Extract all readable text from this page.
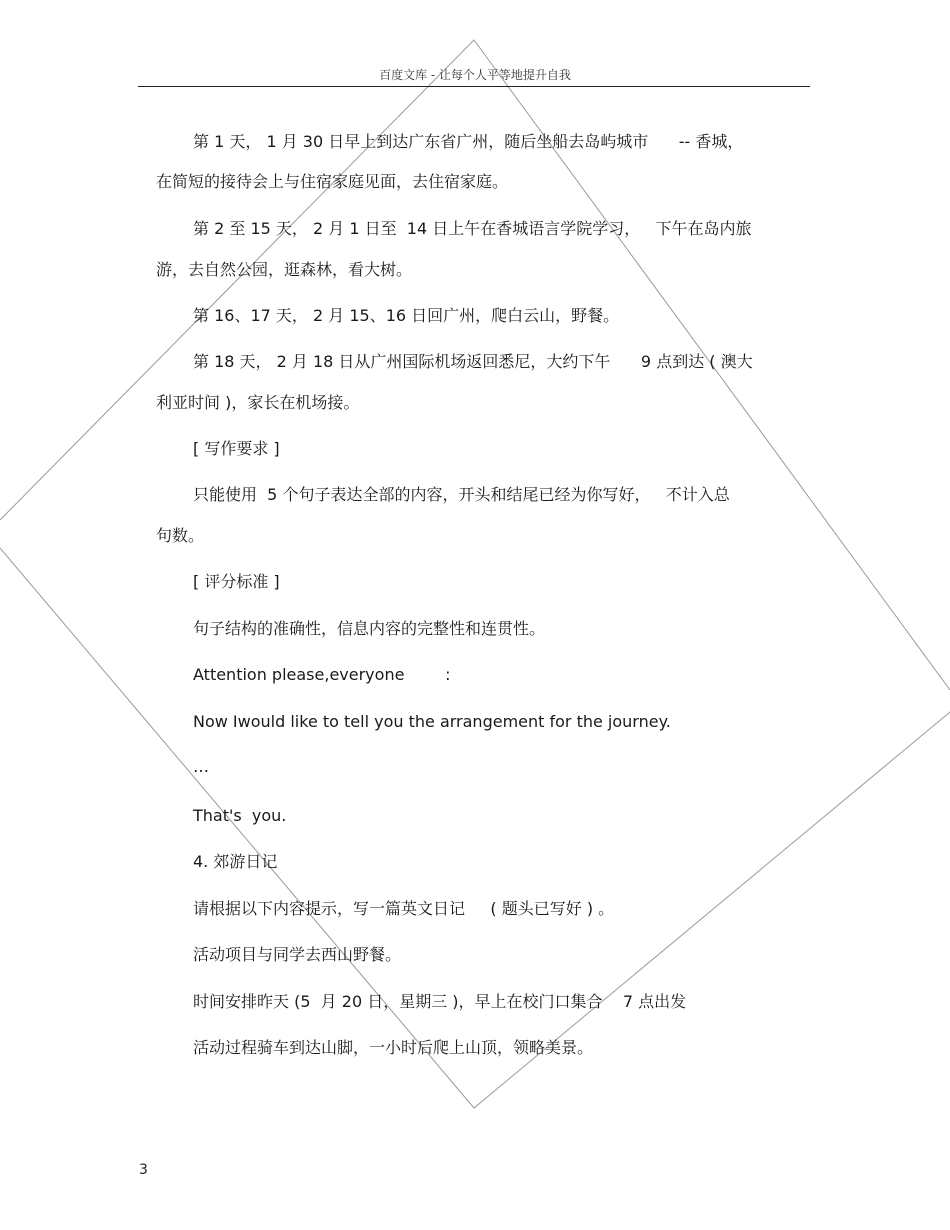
百度文库 - 让每个人平等地提升自我
第 1 天， 1 月 30 日早上到达广东省广州，随后坐船去岛屿城市      -- 香城，
在简短的接待会上与住宿家庭见面，去住宿家庭。
第 2 至 15 天， 2 月 1 日至  14 日上午在香城语言学院学习，   下午在岛内旅
游，去自然公园，逛森林，看大树。
第 16、17 天， 2 月 15、16 日回广州，爬白云山，野餐。
第 18 天， 2 月 18 日从广州国际机场返回悉尼，大约下午      9 点到达 ( 澳大
利亚时间 )，家长在机场接。
[ 写作要求 ]
只能使用  5 个句子表达全部的内容，开头和结尾已经为你写好，   不计入总
句数。
[ 评分标准 ]
句子结构的准确性，信息内容的完整性和连贯性。
Attention please,everyone        :
Now Iwould like to tell you the arrangement for the journey.
…
That's  you.
4. 郊游日记
请根据以下内容提示，写一篇英文日记     ( 题头已写好 ) 。
活动项目与同学去西山野餐。
时间安排昨天 (5  月 20 日，星期三 )，早上在校门口集合    7 点出发
活动过程骑车到达山脚，一小时后爬上山顶，领略美景。
3
